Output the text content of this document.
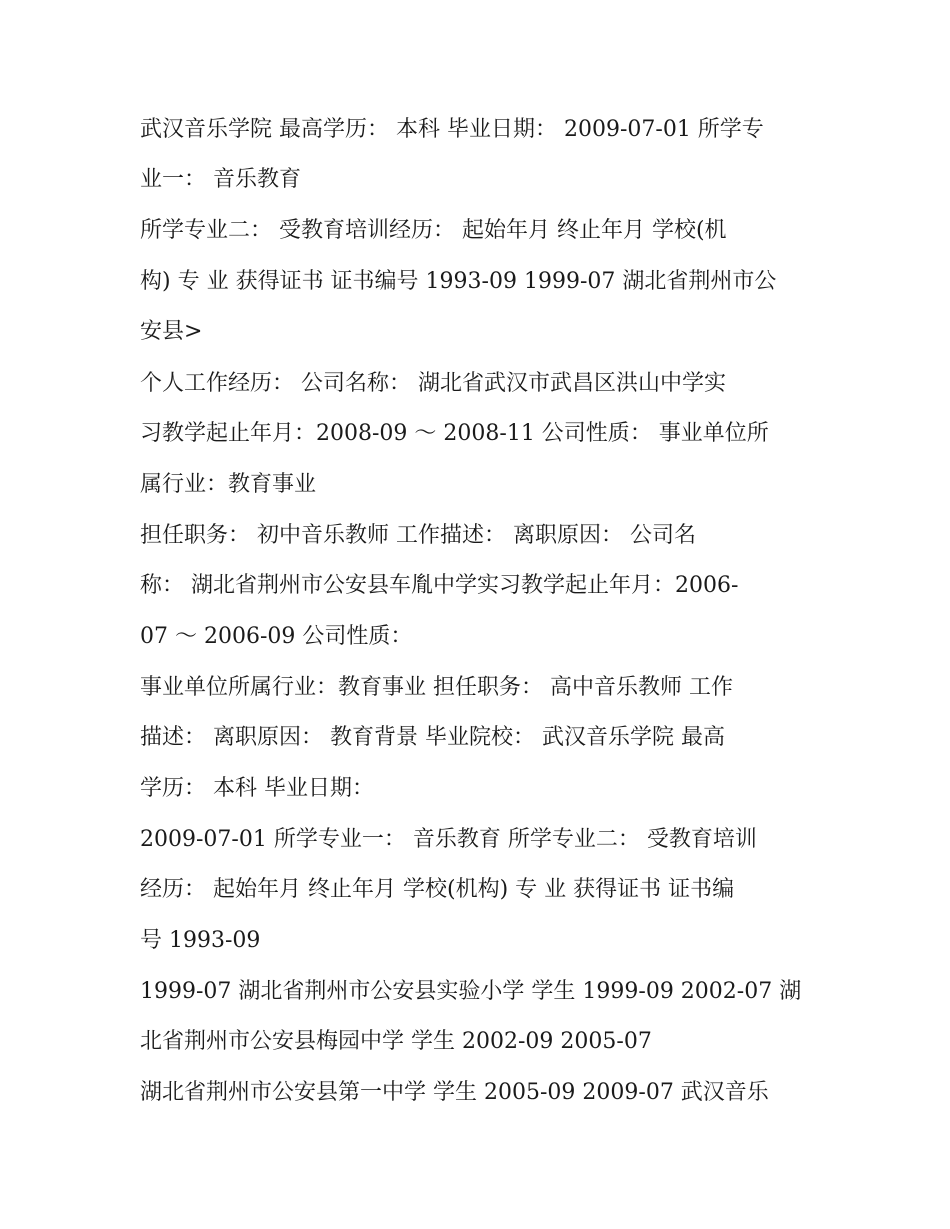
武汉音乐学院 最高学历： 本科 毕业日期： 2009-07-01 所学专
业一： 音乐教育
所学专业二： 受教育培训经历： 起始年月 终止年月 学校(机
构) 专 业 获得证书 证书编号 1993-09 1999-07 湖北省荆州市公
安县>
个人工作经历： 公司名称： 湖北省武汉市武昌区洪山中学实
习教学起止年月：2008-09 ～ 2008-11 公司性质： 事业单位所
属行业：教育事业
担任职务： 初中音乐教师 工作描述： 离职原因： 公司名
称： 湖北省荆州市公安县车胤中学实习教学起止年月：2006-
07 ～ 2006-09 公司性质：
事业单位所属行业：教育事业 担任职务： 高中音乐教师 工作
描述： 离职原因： 教育背景 毕业院校： 武汉音乐学院 最高
学历： 本科 毕业日期：
2009-07-01 所学专业一： 音乐教育 所学专业二： 受教育培训
经历： 起始年月 终止年月 学校(机构) 专 业 获得证书 证书编
号 1993-09
1999-07 湖北省荆州市公安县实验小学 学生 1999-09 2002-07 湖
北省荆州市公安县梅园中学 学生 2002-09 2005-07
湖北省荆州市公安县第一中学 学生 2005-09 2009-07 武汉音乐
